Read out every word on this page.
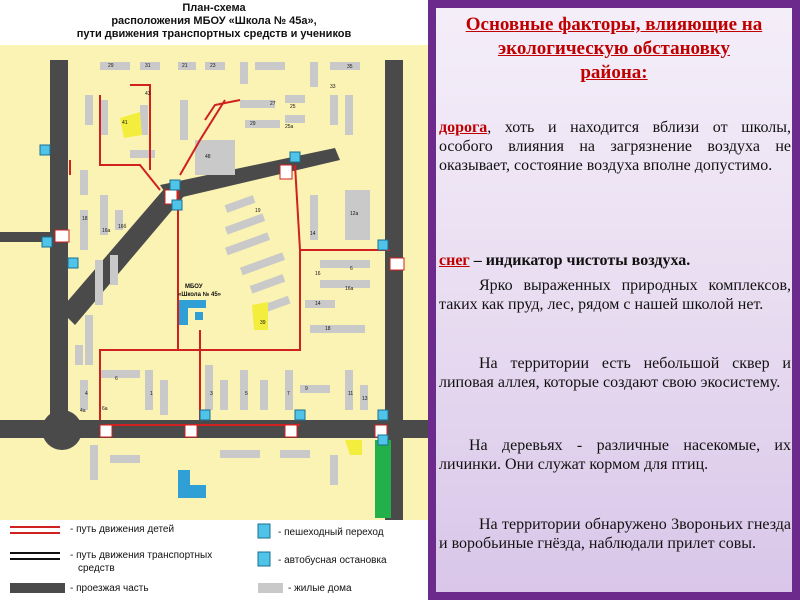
План-схема
расположения МБОУ «Школа № 45а»,
пути движения транспортных средств и учеников
МБОУ
«Школа № 45»
29	31	21	23
41
43
27
29	25а
25
33
35
48
18
16а
16б
12а
14
6
16а
14
39
18
16
6
4
4а	6а
1	3	5	7
9
11
13
19
- путь движения детей
- путь движения транспортных
средств
- проезжая часть
- пешеходный переход
- автобусная остановка
- жилые дома
Основные факторы, влияющие на
экологическую обстановку
района:
дорога, хоть и находится вблизи от школы, особого влияния на загрязнение воздуха не оказывает, состояние воздуха вполне допустимо.
снег – индикатор чистоты воздуха.
Ярко выраженных природных комплексов, таких как пруд, лес, рядом с нашей школой нет.
На территории есть небольшой сквер и липовая аллея, которые создают свою экосистему.
На деревьях - различные насекомые, их личинки. Они служат кормом для птиц.
На территории обнаружено 3вороньих гнезда и воробьиные гнёзда, наблюдали прилет совы.
